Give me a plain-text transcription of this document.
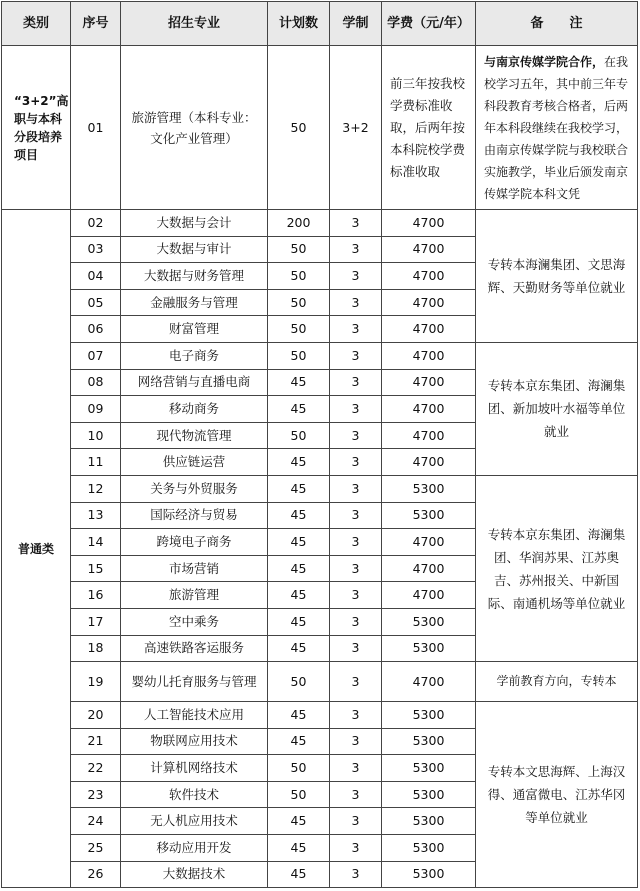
类别	序号	招生专业	计划数	学制	学费（元/年）	备　　注
“3+2”高职与本科分段培养项目	01	旅游管理（本科专业：文化产业管理）	50	3+2	前三年按我校学费标准收取，后两年按本科院校学费标准收取	与南京传媒学院合作，在我校学习五年，其中前三年专科段教育考核合格者，后两年本科段继续在我校学习，由南京传媒学院与我校联合实施教学，毕业后颁发南京传媒学院本科文凭
普通类	02	大数据与会计	200	3	4700	专转本海澜集团、文思海辉、天勤财务等单位就业
	03	大数据与审计	50	3	4700	
	04	大数据与财务管理	50	3	4700	
	05	金融服务与管理	50	3	4700	
	06	财富管理	50	3	4700	
	07	电子商务	50	3	4700	专转本京东集团、海澜集团、新加坡叶水福等单位就业
	08	网络营销与直播电商	45	3	4700	
	09	移动商务	45	3	4700	
	10	现代物流管理	50	3	4700	
	11	供应链运营	45	3	4700	
	12	关务与外贸服务	45	3	5300	专转本京东集团、海澜集团、华润苏果、江苏奥吉、苏州报关、中新国际、南通机场等单位就业
	13	国际经济与贸易	45	3	5300	
	14	跨境电子商务	45	3	4700	
	15	市场营销	45	3	4700	
	16	旅游管理	45	3	4700	
	17	空中乘务	45	3	5300	
	18	高速铁路客运服务	45	3	5300	
	19	婴幼儿托育服务与管理	50	3	4700	学前教育方向，专转本
	20	人工智能技术应用	45	3	5300	专转本文思海辉、上海汉得、通富微电、江苏华冈等单位就业
	21	物联网应用技术	45	3	5300	
	22	计算机网络技术	50	3	5300	
	23	软件技术	50	3	5300	
	24	无人机应用技术	45	3	5300	
	25	移动应用开发	45	3	5300	
	26	大数据技术	45	3	5300	
